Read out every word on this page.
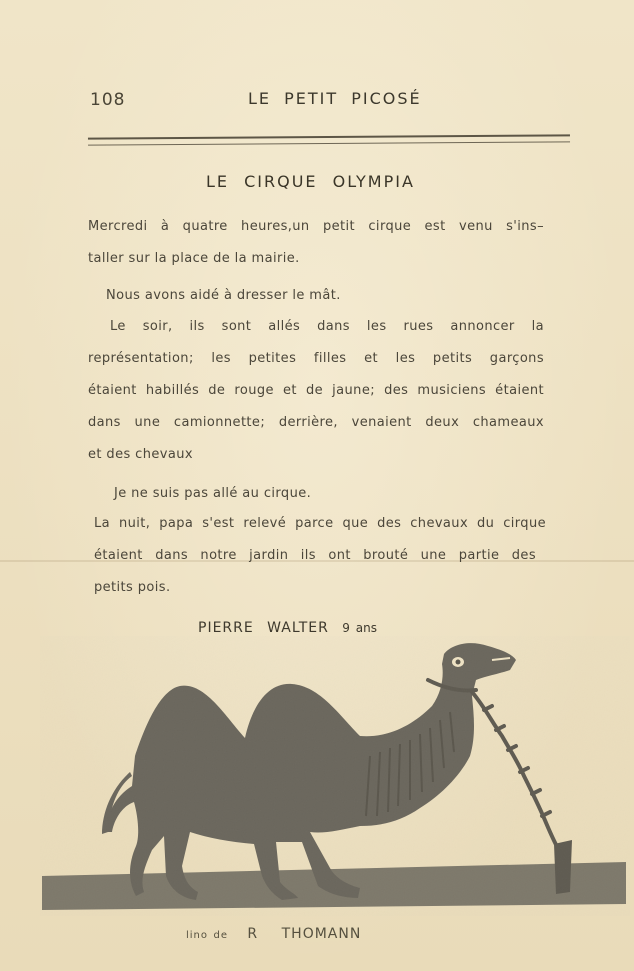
108	LE PETIT PICOSÉ
LE CIRQUE OLYMPIA
Mercredi à quatre heures,un petit cirque est venu s'ins–
taller sur la place de la mairie.
Nous avons aidé à dresser le mât.
Le soir, ils sont allés dans les rues annoncer la
représentation; les petites filles et les petits garçons
étaient habillés de rouge et de jaune; des musiciens étaient
dans une camionnette; derrière, venaient deux chameaux
et des chevaux
Je ne suis pas allé au cirque.
La nuit, papa s'est relevé parce que des chevaux du cirque
étaient dans notre jardin ils ont brouté une partie des
petits pois.
PIERRE WALTER 9 ans
lino de R THOMANN
